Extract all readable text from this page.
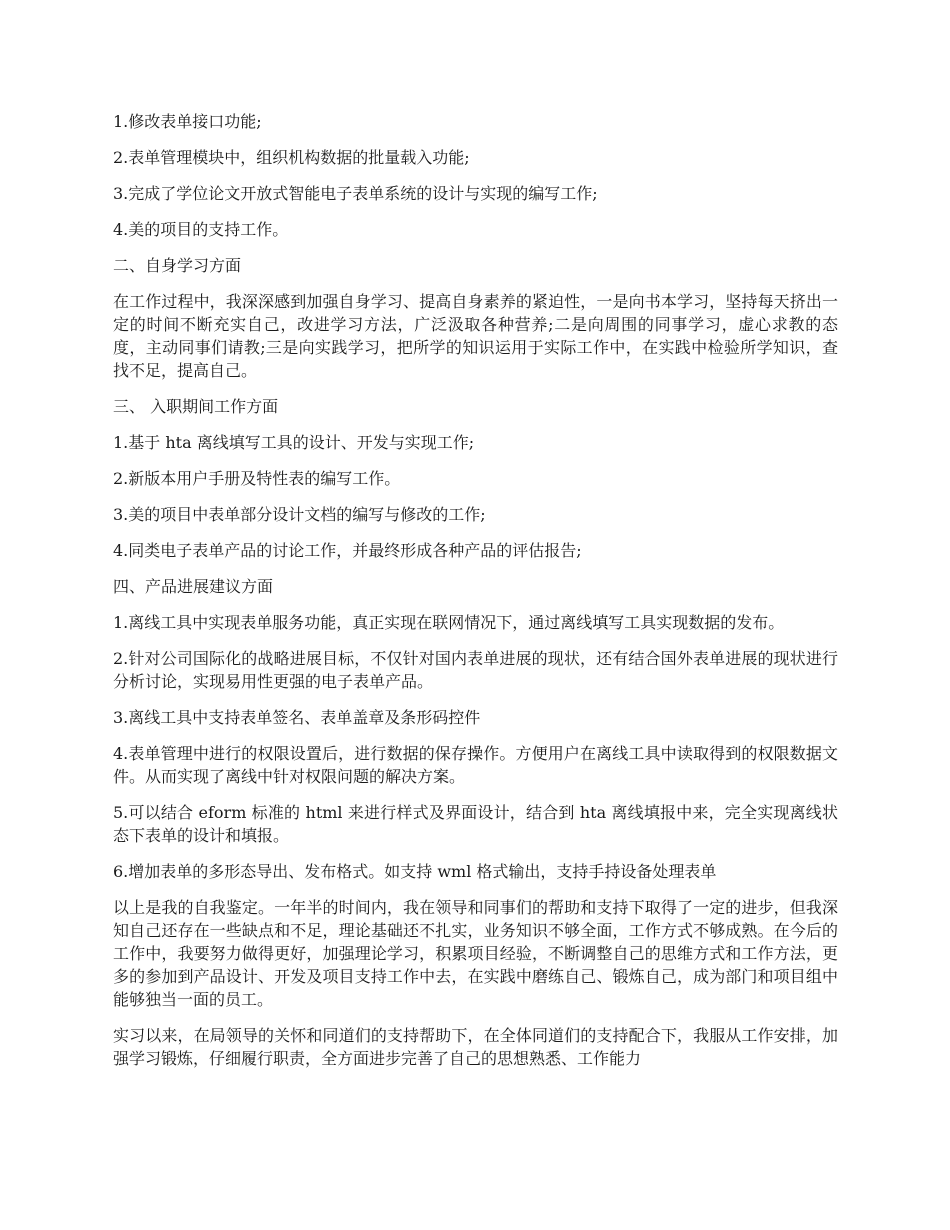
1.修改表单接口功能;

2.表单管理模块中，组织机构数据的批量载入功能;

3.完成了学位论文开放式智能电子表单系统的设计与实现的编写工作;

4.美的项目的支持工作。

二、自身学习方面

在工作过程中，我深深感到加强自身学习、提高自身素养的紧迫性，一是向书本学习，坚持每天挤出一定的时间不断充实自己，改进学习方法，广泛汲取各种营养;二是向周围的同事学习，虚心求教的态度，主动同事们请教;三是向实践学习，把所学的知识运用于实际工作中，在实践中检验所学知识，查找不足，提高自己。

三、 入职期间工作方面

1.基于 hta 离线填写工具的设计、开发与实现工作;

2.新版本用户手册及特性表的编写工作。

3.美的项目中表单部分设计文档的编写与修改的工作;

4.同类电子表单产品的讨论工作，并最终形成各种产品的评估报告;

四、产品进展建议方面

1.离线工具中实现表单服务功能，真正实现在联网情况下，通过离线填写工具实现数据的发布。

2.针对公司国际化的战略进展目标，不仅针对国内表单进展的现状，还有结合国外表单进展的现状进行分析讨论，实现易用性更强的电子表单产品。

3.离线工具中支持表单签名、表单盖章及条形码控件

4.表单管理中进行的权限设置后，进行数据的保存操作。方便用户在离线工具中读取得到的权限数据文件。从而实现了离线中针对权限问题的解决方案。

5.可以结合 eform 标准的 html 来进行样式及界面设计，结合到 hta 离线填报中来，完全实现离线状态下表单的设计和填报。

6.增加表单的多形态导出、发布格式。如支持 wml 格式输出，支持手持设备处理表单

以上是我的自我鉴定。一年半的时间内，我在领导和同事们的帮助和支持下取得了一定的进步，但我深知自己还存在一些缺点和不足，理论基础还不扎实，业务知识不够全面，工作方式不够成熟。在今后的工作中，我要努力做得更好，加强理论学习，积累项目经验，不断调整自己的思维方式和工作方法，更多的参加到产品设计、开发及项目支持工作中去，在实践中磨练自己、锻炼自己，成为部门和项目组中能够独当一面的员工。

实习以来，在局领导的关怀和同道们的支持帮助下，在全体同道们的支持配合下，我服从工作安排，加强学习锻炼，仔细履行职责，全方面进步完善了自己的思想熟悉、工作能力
